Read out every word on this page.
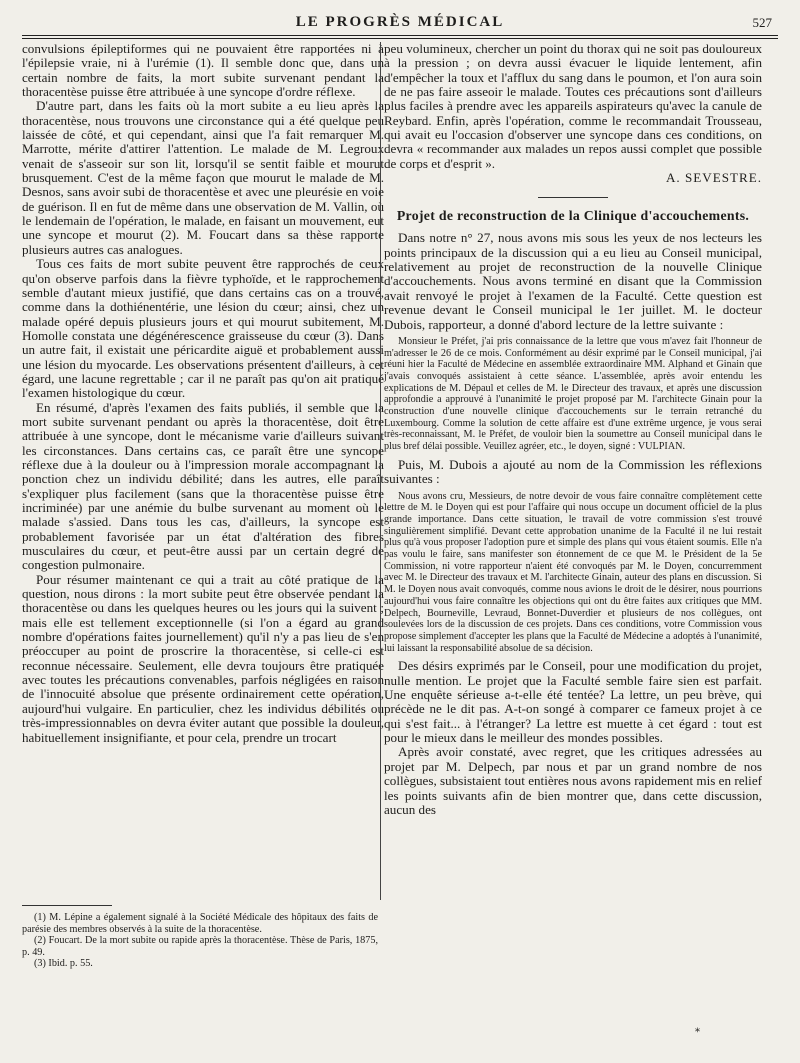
LE PROGRÈS MÉDICAL	527

convulsions épileptiformes qui ne pouvaient être rapportées ni à l'épilepsie vraie, ni à l'urémie (1). Il semble donc que, dans un certain nombre de faits, la mort subite survenant pendant la thoracentèse puisse être attribuée à une syncope d'ordre réflexe.

D'autre part, dans les faits où la mort subite a eu lieu après la thoracentèse, nous trouvons une circonstance qui a été quelque peu laissée de côté, et qui cependant, ainsi que l'a fait remarquer M. Marrotte, mérite d'attirer l'attention. Le malade de M. Legroux venait de s'asseoir sur son lit, lorsqu'il se sentit faible et mourut brusquement. C'est de la même façon que mourut le malade de M. Desnos, sans avoir subi de thoracentèse et avec une pleurésie en voie de guérison. Il en fut de même dans une observation de M. Vallin, où le lendemain de l'opération, le malade, en faisant un mouvement, eut une syncope et mourut (2). M. Foucart dans sa thèse rapporte plusieurs autres cas analogues.

Tous ces faits de mort subite peuvent être rapprochés de ceux qu'on observe parfois dans la fièvre typhoïde, et le rapprochement semble d'autant mieux justifié, que dans certains cas on a trouvé, comme dans la dothiénentérie, une lésion du cœur; ainsi, chez un malade opéré depuis plusieurs jours et qui mourut subitement, M. Homolle constata une dégénérescence graisseuse du cœur (3). Dans un autre fait, il existait une péricardite aiguë et probablement aussi une lésion du myocarde. Les observations présentent d'ailleurs, à cet égard, une lacune regrettable ; car il ne paraît pas qu'on ait pratiqué l'examen histologique du cœur.

En résumé, d'après l'examen des faits publiés, il semble que la mort subite survenant pendant ou après la thoracentèse, doit être attribuée à une syncope, dont le mécanisme varie d'ailleurs suivant les circonstances. Dans certains cas, ce paraît être une syncope réflexe due à la douleur ou à l'impression morale accompagnant la ponction chez un individu débilité; dans les autres, elle paraît s'expliquer plus facilement (sans que la thoracentèse puisse être incriminée) par une anémie du bulbe survenant au moment où le malade s'assied. Dans tous les cas, d'ailleurs, la syncope est probablement favorisée par un état d'altération des fibres musculaires du cœur, et peut-être aussi par un certain degré de congestion pulmonaire.

Pour résumer maintenant ce qui a trait au côté pratique de la question, nous dirons : la mort subite peut être observée pendant la thoracentèse ou dans les quelques heures ou les jours qui la suivent ; mais elle est tellement exceptionnelle (si l'on a égard au grand nombre d'opérations faites journellement) qu'il n'y a pas lieu de s'en préoccuper au point de proscrire la thoracentèse, si celle-ci est reconnue nécessaire. Seulement, elle devra toujours être pratiquée avec toutes les précautions convenables, parfois négligées en raison de l'innocuité absolue que présente ordinairement cette opération, aujourd'hui vulgaire. En particulier, chez les individus débilités ou très-impressionnables on devra éviter autant que possible la douleur, habituellement insignifiante, et pour cela, prendre un trocart

peu volumineux, chercher un point du thorax qui ne soit pas douloureux à la pression ; on devra aussi évacuer le liquide lentement, afin d'empêcher la toux et l'afflux du sang dans le poumon, et l'on aura soin de ne pas faire asseoir le malade. Toutes ces précautions sont d'ailleurs plus faciles à prendre avec les appareils aspirateurs qu'avec la canule de Reybard. Enfin, après l'opération, comme le recommandait Trousseau, qui avait eu l'occasion d'observer une syncope dans ces conditions, on devra « recommander aux malades un repos aussi complet que possible de corps et d'esprit ».

A. SEVESTRE.
Projet de reconstruction de la Clinique d'accouchements.

Dans notre n° 27, nous avons mis sous les yeux de nos lecteurs les points principaux de la discussion qui a eu lieu au Conseil municipal, relativement au projet de reconstruction de la nouvelle Clinique d'accouchements. Nous avons terminé en disant que la Commission avait renvoyé le projet à l'examen de la Faculté. Cette question est revenue devant le Conseil municipal le 1er juillet. M. le docteur Dubois, rapporteur, a donné d'abord lecture de la lettre suivante :

Monsieur le Préfet, j'ai pris connaissance de la lettre que vous m'avez fait l'honneur de m'adresser le 26 de ce mois. Conformément au désir exprimé par le Conseil municipal, j'ai réuni hier la Faculté de Médecine en assemblée extraordinaire MM. Alphand et Ginain que j'avais convoqués assistaient à cette séance. L'assemblée, après avoir entendu les explications de M. Dépaul et celles de M. le Directeur des travaux, et après une discussion approfondie a approuvé à l'unanimité le projet proposé par M. l'architecte Ginain pour la construction d'une nouvelle clinique d'accouchements sur le terrain retranché du Luxembourg. Comme la solution de cette affaire est d'une extrême urgence, je vous serai très-reconnaissant, M. le Préfet, de vouloir bien la soumettre au Conseil municipal dans le plus bref délai possible. Veuillez agréer, etc., le doyen, signé : VULPIAN.

Puis, M. Dubois a ajouté au nom de la Commission les réflexions suivantes :

Nous avons cru, Messieurs, de notre devoir de vous faire connaître complètement cette lettre de M. le Doyen qui est pour l'affaire qui nous occupe un document officiel de la plus grande importance. Dans cette situation, le travail de votre commission s'est trouvé singulièrement simplifié. Devant cette approbation unanime de la Faculté il ne lui restait plus qu'à vous proposer l'adoption pure et simple des plans qui vous étaient soumis. Elle n'a pas voulu le faire, sans manifester son étonnement de ce que M. le Président de la 5e Commission, ni votre rapporteur n'aient été convoqués par M. le Doyen, concurremment avec M. le Directeur des travaux et M. l'architecte Ginain, auteur des plans en discussion. Si M. le Doyen nous avait convoqués, comme nous avions le droit de le désirer, nous pourrions aujourd'hui vous faire connaître les objections qui ont du être faites aux critiques que MM. Delpech, Bourneville, Levraud, Bonnet-Duverdier et plusieurs de nos collègues, ont soulevées lors de la discussion de ces projets. Dans ces conditions, votre Commission vous propose simplement d'accepter les plans que la Faculté de Médecine a adoptés à l'unanimité, lui laissant la responsabilité absolue de sa décision.

Des désirs exprimés par le Conseil, pour une modification du projet, nulle mention. Le projet que la Faculté semble faire sien est parfait. Une enquête sérieuse a-t-elle été tentée? La lettre, un peu brève, qui précède ne le dit pas. A-t-on songé à comparer ce fameux projet à ce qui s'est fait... à l'étranger? La lettre est muette à cet égard : tout est pour le mieux dans le meilleur des mondes possibles.

Après avoir constaté, avec regret, que les critiques adressées au projet par M. Delpech, par nous et par un grand nombre de nos collègues, subsistaient tout entières nous avons rapidement mis en relief les points suivants afin de bien montrer que, dans cette discussion, aucun des

(1) M. Lépine a également signalé à la Société Médicale des hôpitaux des faits de parésie des membres observés à la suite de la thoracentèse.

(2) Foucart. De la mort subite ou rapide après la thoracentèse. Thèse de Paris, 1875, p. 49.

(3) Ibid. p. 55.

*
